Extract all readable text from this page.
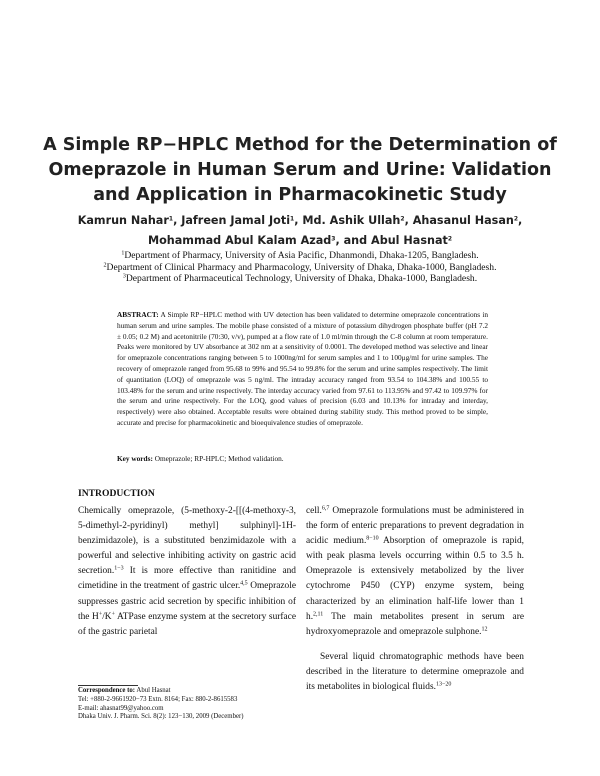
A Simple RP−HPLC Method for the Determination of Omeprazole in Human Serum and Urine: Validation and Application in Pharmacokinetic Study
Kamrun Nahar$^1$, Jafreen Jamal Joti$^1$, Md. Ashik Ullah$^2$, Ahasanul Hasan$^2$,
Mohammad Abul Kalam Azad$^3$, and Abul Hasnat$^2$
$^1$Department of Pharmacy, University of Asia Pacific, Dhanmondi, Dhaka-1205, Bangladesh.
$^2$Department of Clinical Pharmacy and Pharmacology, University of Dhaka, Dhaka-1000, Bangladesh.
$^3$Department of Pharmaceutical Technology, University of Dhaka, Dhaka-1000, Bangladesh.
ABSTRACT: A Simple RP−HPLC method with UV detection has been validated to determine omeprazole concentrations in human serum and urine samples. The mobile phase consisted of a mixture of potassium dihydrogen phosphate buffer (pH 7.2 ± 0.05; 0.2 M) and acetonitrile (70:30, v/v), pumped at a flow rate of 1.0 ml/min through the C-8 column at room temperature. Peaks were monitored by UV absorbance at 302 nm at a sensitivity of 0.0001. The developed method was selective and linear for omeprazole concentrations ranging between 5 to 1000ng/ml for serum samples and 1 to 100μg/ml for urine samples. The recovery of omeprazole ranged from 95.68 to 99% and 95.54 to 99.8% for the serum and urine samples respectively. The limit of quantitation (LOQ) of omeprazole was 5 ng/ml. The intraday accuracy ranged from 93.54 to 104.38% and 100.55 to 103.48% for the serum and urine respectively. The interday accuracy varied from 97.61 to 113.95% and 97.42 to 109.97% for the serum and urine respectively. For the LOQ, good values of precision (6.03 and 10.13% for intraday and interday, respectively) were also obtained. Acceptable results were obtained during stability study. This method proved to be simple, accurate and precise for pharmacokinetic and bioequivalence studies of omeprazole.
Key words: Omeprazole; RP-HPLC; Method validation.
INTRODUCTION

Chemically omeprazole, (5-methoxy-2-[[(4-methoxy-3, 5-dimethyl-2-pyridinyl) methyl] sulphinyl]-1H-benzimidazole), is a substituted benzimidazole with a powerful and selective inhibiting activity on gastric acid secretion.$^{1-3}$ It is more effective than ranitidine and cimetidine in the treatment of gastric ulcer.$^{4,5}$ Omeprazole suppresses gastric acid secretion by specific inhibition of the H+/K+ ATPase enzyme system at the secretory surface of the gastric parietal

cell.$^{6,7}$ Omeprazole formulations must be administered in the form of enteric preparations to prevent degradation in acidic medium.$^{8-10}$ Absorption of omeprazole is rapid, with peak plasma levels occurring within 0.5 to 3.5 h. Omeprazole is extensively metabolized by the liver cytochrome P450 (CYP) enzyme system, being characterized by an elimination half-life lower than 1 h.$^{2,11}$ The main metabolites present in serum are hydroxyomeprazole and omeprazole sulphone.$^{12}$

Several liquid chromatographic methods have been described in the literature to determine omeprazole and its metabolites in biological fluids.$^{13-20}$

Correspondence to: Abul Hasnat
Tel: +880-2-9661920−73 Extn. 8164; Fax: 880-2-8615583
E-mail: ahasnat99@yahoo.com
Dhaka Univ. J. Pharm. Sci. 8(2): 123−130, 2009 (December)
